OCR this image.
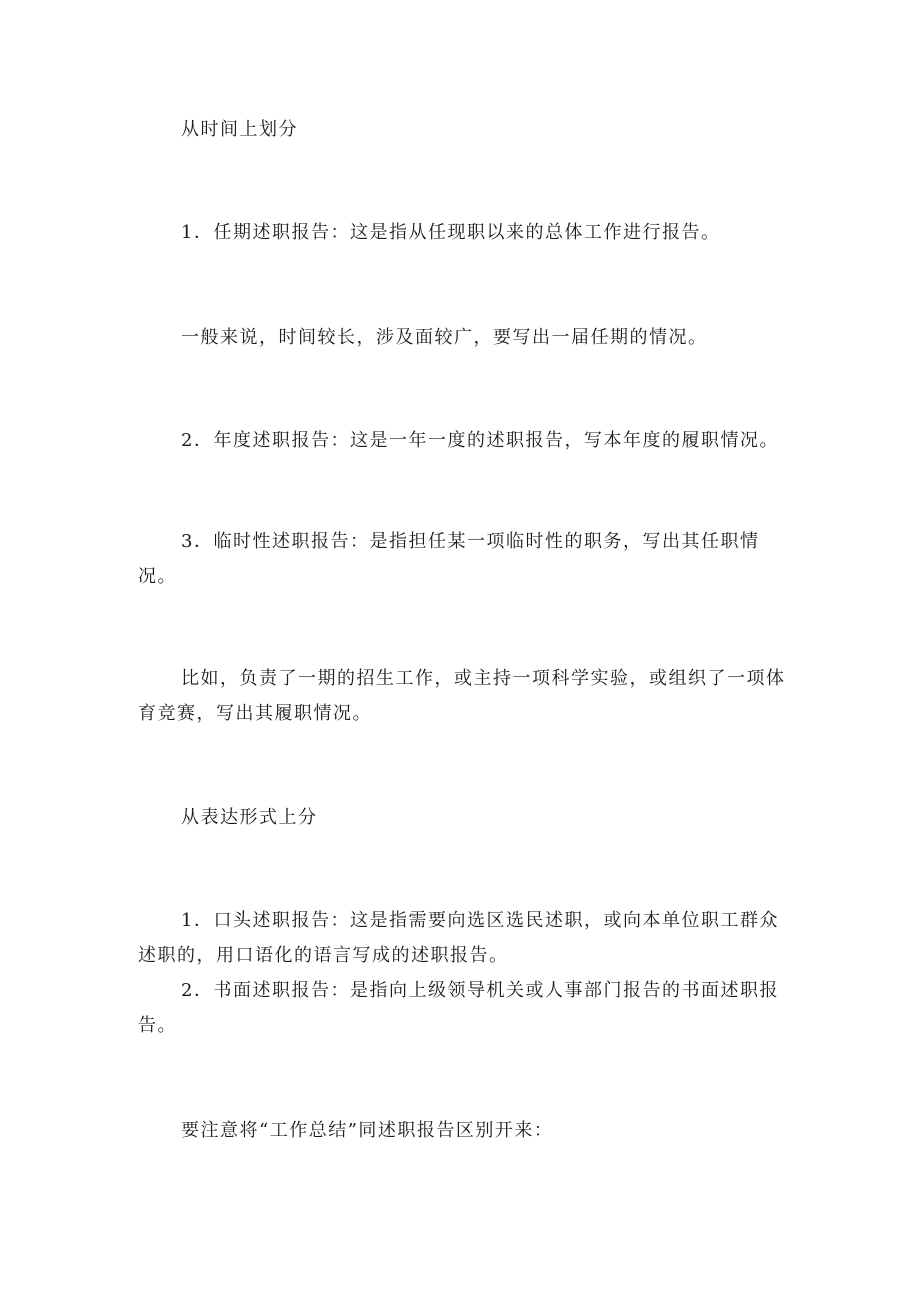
从时间上划分

1．任期述职报告：这是指从任现职以来的总体工作进行报告。

一般来说，时间较长，涉及面较广，要写出一届任期的情况。

2．年度述职报告：这是一年一度的述职报告，写本年度的履职情况。

3．临时性述职报告：是指担任某一项临时性的职务，写出其任职情况。

比如，负责了一期的招生工作，或主持一项科学实验，或组织了一项体育竞赛，写出其履职情况。

从表达形式上分

1．口头述职报告：这是指需要向选区选民述职，或向本单位职工群众述职的，用口语化的语言写成的述职报告。

2．书面述职报告：是指向上级领导机关或人事部门报告的书面述职报告。

要注意将“工作总结”同述职报告区别开来：
